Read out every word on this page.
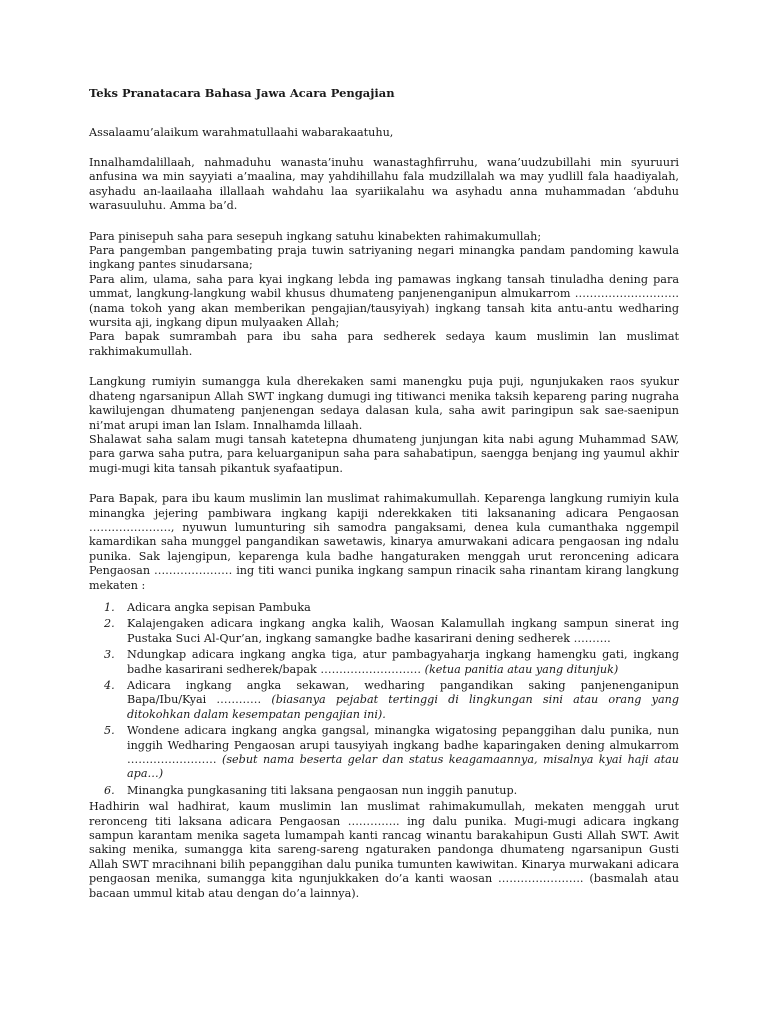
Teks Pranatacara Bahasa Jawa Acara Pengajian

Assalaamu’alaikum warahmatullaahi wabarakaatuhu,

Innalhamdalillaah, nahmaduhu wanasta’inuhu wanastaghfirruhu, wana’uudzubillahi min syuruuri anfusina wa min sayyiati a’maalina, may yahdihillahu fala mudzillalah wa may yudlill fala haadiyalah, asyhadu an-laailaaha illallaah wahdahu laa syariikalahu wa asyhadu anna muhammadan ‘abduhu warasuuluhu. Amma ba’d.

Para pinisepuh saha para sesepuh ingkang satuhu kinabekten rahimakumullah;

Para pangemban pangembating praja tuwin satriyaning negari minangka pandam pandoming kawula ingkang pantes sinudarsana;

Para alim, ulama, saha para kyai ingkang lebda ing pamawas ingkang tansah tinuladha dening para ummat, langkung-langkung wabil khusus dhumateng panjenenganipun almukarrom ………………………. (nama tokoh yang akan memberikan pengajian/tausyiyah) ingkang tansah kita antu-antu wedharing wursita aji, ingkang dipun mulyaaken Allah;

Para bapak sumrambah para ibu saha para sedherek sedaya kaum muslimin lan muslimat rakhimakumullah.

Langkung rumiyin sumangga kula dherekaken sami manengku puja puji, ngunjukaken raos syukur dhateng ngarsanipun Allah SWT ingkang dumugi ing titiwanci menika taksih kepareng paring nugraha kawilujengan dhumateng panjenengan sedaya dalasan kula, saha awit paringipun sak sae-saenipun ni’mat arupi iman lan Islam. Innalhamda lillaah.

Shalawat saha salam mugi tansah katetepna dhumateng junjungan kita nabi agung Muhammad SAW, para garwa saha putra, para keluarganipun saha para sahabatipun, saengga benjang ing yaumul akhir mugi-mugi kita tansah pikantuk syafaatipun.

Para Bapak, para ibu kaum muslimin lan muslimat rahimakumullah. Keparenga langkung rumiyin kula minangka jejering pambiwara ingkang kapiji nderekkaken titi laksananing adicara Pengaosan …………………., nyuwun lumunturing sih samodra pangaksami, denea kula cumanthaka nggempil kamardikan saha munggel pangandikan sawetawis, kinarya amurwakani adicara pengaosan ing ndalu punika. Sak lajengipun, keparenga kula badhe hangaturaken menggah urut reroncening adicara Pengaosan ………………… ing titi wanci punika ingkang sampun rinacik saha rinantam kirang langkung mekaten :

1. Adicara angka sepisan Pambuka
2. Kalajengaken adicara ingkang angka kalih, Waosan Kalamullah ingkang sampun sinerat ing Pustaka Suci Al-Qur’an, ingkang samangke badhe kasarirani dening sedherek ……….
3. Ndungkap adicara ingkang angka tiga, atur pambagyaharja ingkang hamengku gati, ingkang badhe kasarirani sedherek/bapak ……………………… (ketua panitia atau yang ditunjuk)
4. Adicara ingkang angka sekawan, wedharing pangandikan saking panjenenganipun Bapa/Ibu/Kyai ………… (biasanya pejabat tertinggi di lingkungan sini atau orang yang ditokohkan dalam kesempatan pengajian ini).
5. Wondene adicara ingkang angka gangsal, minangka wigatosing pepanggihan dalu punika, nun inggih Wedharing Pengaosan arupi tausyiyah ingkang badhe kaparingaken dening almukarrom …………………… (sebut nama beserta gelar dan status keagamaannya, misalnya kyai haji atau apa…)
6. Minangka pungkasaning titi laksana pengaosan nun inggih panutup.

Hadhirin wal hadhirat, kaum muslimin lan muslimat rahimakumullah, mekaten menggah urut reronceng titi laksana adicara Pengaosan ………….. ing dalu punika. Mugi-mugi adicara ingkang sampun karantam menika sageta lumampah kanti rancag winantu barakahipun Gusti Allah SWT. Awit saking menika, sumangga kita sareng-sareng ngaturaken pandonga dhumateng ngarsanipun Gusti Allah SWT mracihnani bilih pepanggihan dalu punika tumunten kawiwitan. Kinarya murwakani adicara pengaosan menika, sumangga kita ngunjukkaken do’a kanti waosan ………………….. (basmalah atau bacaan ummul kitab atau dengan do’a lainnya).
